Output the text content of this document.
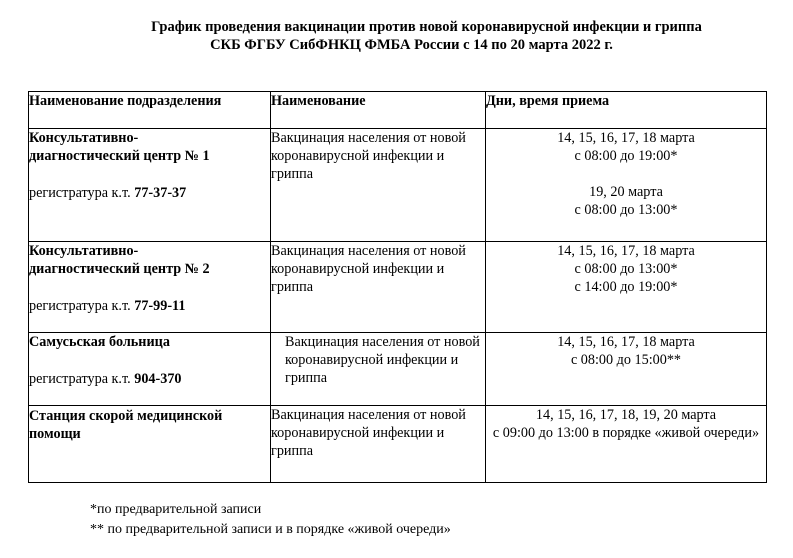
График проведения вакцинации против новой коронавирусной инфекции и гриппа
СКБ ФГБУ СибФНКЦ ФМБА России с 14 по 20 марта 2022 г.
Наименование подразделения	Наименование	Дни, время приема

Консультативно-
диагностический центр № 1
регистратура к.т. 77-37-37	Вакцинация населения от новой коронавирусной инфекции и гриппа	14, 15, 16, 17, 18 марта
с 08:00 до 19:00*
19, 20 марта
с 08:00 до 13:00*

Консультативно-
диагностический центр № 2
регистратура к.т. 77-99-11	Вакцинация населения от новой коронавирусной инфекции и гриппа	14, 15, 16, 17, 18 марта
с 08:00 до 13:00*
с 14:00 до 19:00*

Самусьская больница
регистратура к.т. 904-370	Вакцинация населения от новой коронавирусной инфекции и гриппа	14, 15, 16, 17, 18 марта
с 08:00 до 15:00**

Станция скорой медицинской
помощи	Вакцинация населения от новой коронавирусной инфекции и гриппа	14, 15, 16, 17, 18, 19, 20 марта
с 09:00 до 13:00 в порядке «живой очереди»
*по предварительной записи
** по предварительной записи и в порядке «живой очереди»
